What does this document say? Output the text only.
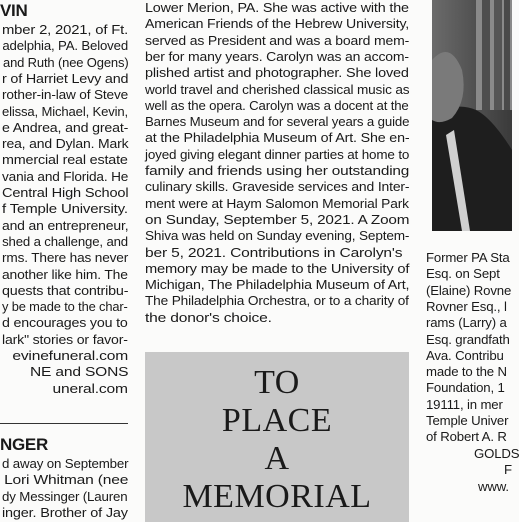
VIN
mber 2, 2021, of Ft.
adelphia, PA. Beloved
and Ruth (nee Ogens)
r of Harriet Levy and
rother-in-law of Steve
elissa, Michael, Kevin,
e Andrea, and great-
rea, and Dylan. Mark
mmercial real estate
vania and Florida. He
Central High School
f Temple University.
and an entrepreneur,
shed a challenge, and
rms. There has never
another like him. The
quests that contribu-
y be made to the char-
d encourages you to
lark" stories or favor-
evinefuneral.com
NE and SONS
uneral.com
NGER
d away on September
Lori Whitman (nee
dy Messinger (Lauren
inger. Brother of Jay
Lower Merion, PA. She was active with the
American Friends of the Hebrew University,
served as President and was a board mem-
ber for many years. Carolyn was an accom-
plished artist and photographer. She loved
world travel and cherished classical music as
well as the opera. Carolyn was a docent at the
Barnes Museum and for several years a guide
at the Philadelphia Museum of Art. She en-
joyed giving elegant dinner parties at home to
family and friends using her outstanding
culinary skills. Graveside services and Inter-
ment were at Haym Salomon Memorial Park
on Sunday, September 5, 2021. A Zoom
Shiva was held on Sunday evening, Septem-
ber 5, 2021. Contributions in Carolyn's
memory may be made to the University of
Michigan, The Philadelphia Museum of Art,
The Philadelphia Orchestra, or to a charity of
the donor's choice.
TO
PLACE
A
MEMORIAL
Former PA Sta
Esq. on Sept
(Elaine) Rovne
Rovner Esq., l
rams (Larry) a
Esq. grandfath
Ava. Contribu
made to the N
Foundation, 1
19111, in mer
Temple Univer
of Robert A. R
GOLDS
F
www.
